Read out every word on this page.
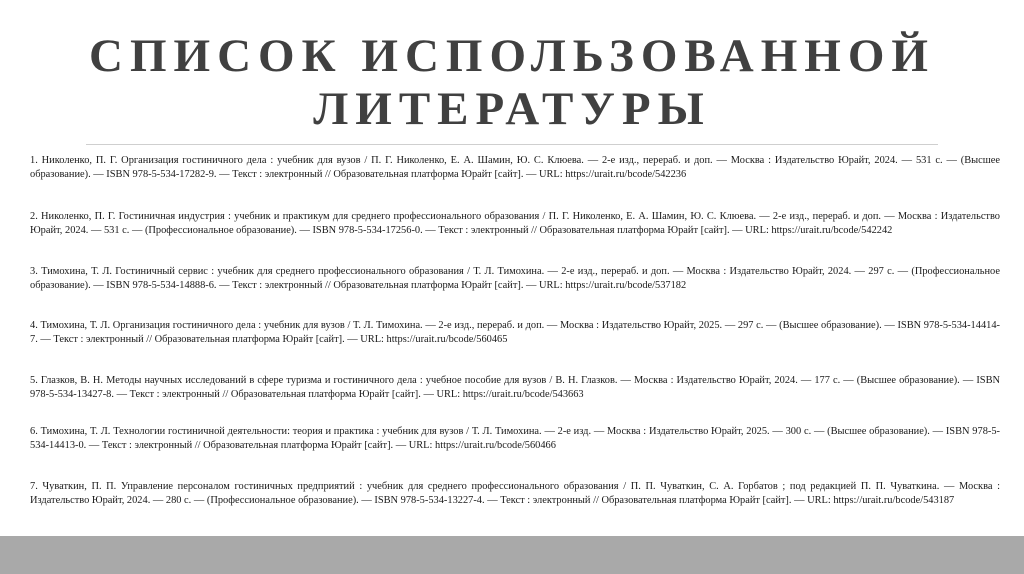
СПИСОК ИСПОЛЬЗОВАННОЙ
ЛИТЕРАТУРЫ
1. Николенко, П. Г. Организация гостиничного дела : учебник для вузов / П. Г. Николенко, Е. А. Шамин, Ю. С. Клюева. — 2-е изд., перераб. и доп. — Москва : Издательство Юрайт, 2024. — 531 с. — (Высшее образование). — ISBN 978-5-534-17282-9. — Текст : электронный // Образовательная платформа Юрайт [сайт]. — URL: https://urait.ru/bcode/542236
2. Николенко, П. Г. Гостиничная индустрия : учебник и практикум для среднего профессионального образования / П. Г. Николенко, Е. А. Шамин, Ю. С. Клюева. — 2-е изд., перераб. и доп. — Москва : Издательство Юрайт, 2024. — 531 с. — (Профессиональное образование). — ISBN 978-5-534-17256-0. — Текст : электронный // Образовательная платформа Юрайт [сайт]. — URL: https://urait.ru/bcode/542242
3. Тимохина, Т. Л. Гостиничный сервис : учебник для среднего профессионального образования / Т. Л. Тимохина. — 2-е изд., перераб. и доп. — Москва : Издательство Юрайт, 2024. — 297 с. — (Профессиональное образование). — ISBN 978-5-534-14888-6. — Текст : электронный // Образовательная платформа Юрайт [сайт]. — URL: https://urait.ru/bcode/537182
4. Тимохина, Т. Л. Организация гостиничного дела : учебник для вузов / Т. Л. Тимохина. — 2-е изд., перераб. и доп. — Москва : Издательство Юрайт, 2025. — 297 с. — (Высшее образование). — ISBN 978-5-534-14414-7. — Текст : электронный // Образовательная платформа Юрайт [сайт]. — URL: https://urait.ru/bcode/560465
5. Глазков, В. Н. Методы научных исследований в сфере туризма и гостиничного дела : учебное пособие для вузов / В. Н. Глазков. — Москва : Издательство Юрайт, 2024. — 177 с. — (Высшее образование). — ISBN 978-5-534-13427-8. — Текст : электронный // Образовательная платформа Юрайт [сайт]. — URL: https://urait.ru/bcode/543663
6. Тимохина, Т. Л. Технологии гостиничной деятельности: теория и практика : учебник для вузов / Т. Л. Тимохина. — 2-е изд. — Москва : Издательство Юрайт, 2025. — 300 с. — (Высшее образование). — ISBN 978-5-534-14413-0. — Текст : электронный // Образовательная платформа Юрайт [сайт]. — URL: https://urait.ru/bcode/560466
7. Чуваткин, П. П. Управление персоналом гостиничных предприятий : учебник для среднего профессионального образования / П. П. Чуваткин, С. А. Горбатов ; под редакцией П. П. Чуваткина. — Москва : Издательство Юрайт, 2024. — 280 с. — (Профессиональное образование). — ISBN 978-5-534-13227-4. — Текст : электронный // Образовательная платформа Юрайт [сайт]. — URL: https://urait.ru/bcode/543187
